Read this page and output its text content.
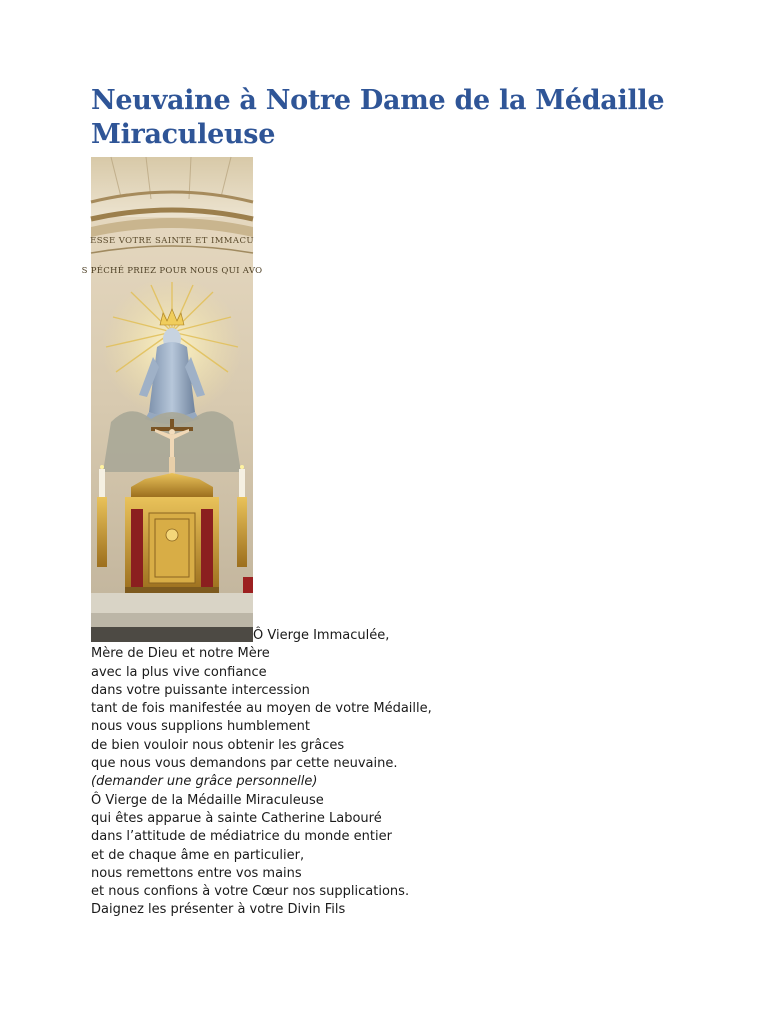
Neuvaine à Notre Dame de la Médaille Miraculeuse
ESSE VOTRE SAINTE ET IMMACU
S PÉCHÉ PRIEZ POUR NOUS QUI AVO
Ô Vierge Immaculée,
Mère de Dieu et notre Mère
avec la plus vive confiance
dans votre puissante intercession
tant de fois manifestée au moyen de votre Médaille,
nous vous supplions humblement
de bien vouloir nous obtenir les grâces
que nous vous demandons par cette neuvaine.
(demander une grâce personnelle)
Ô Vierge de la Médaille Miraculeuse
qui êtes apparue à sainte Catherine Labouré
dans l’attitude de médiatrice du monde entier
et de chaque âme en particulier,
nous remettons entre vos mains
et nous confions à votre Cœur nos supplications.
Daignez les présenter à votre Divin Fils
